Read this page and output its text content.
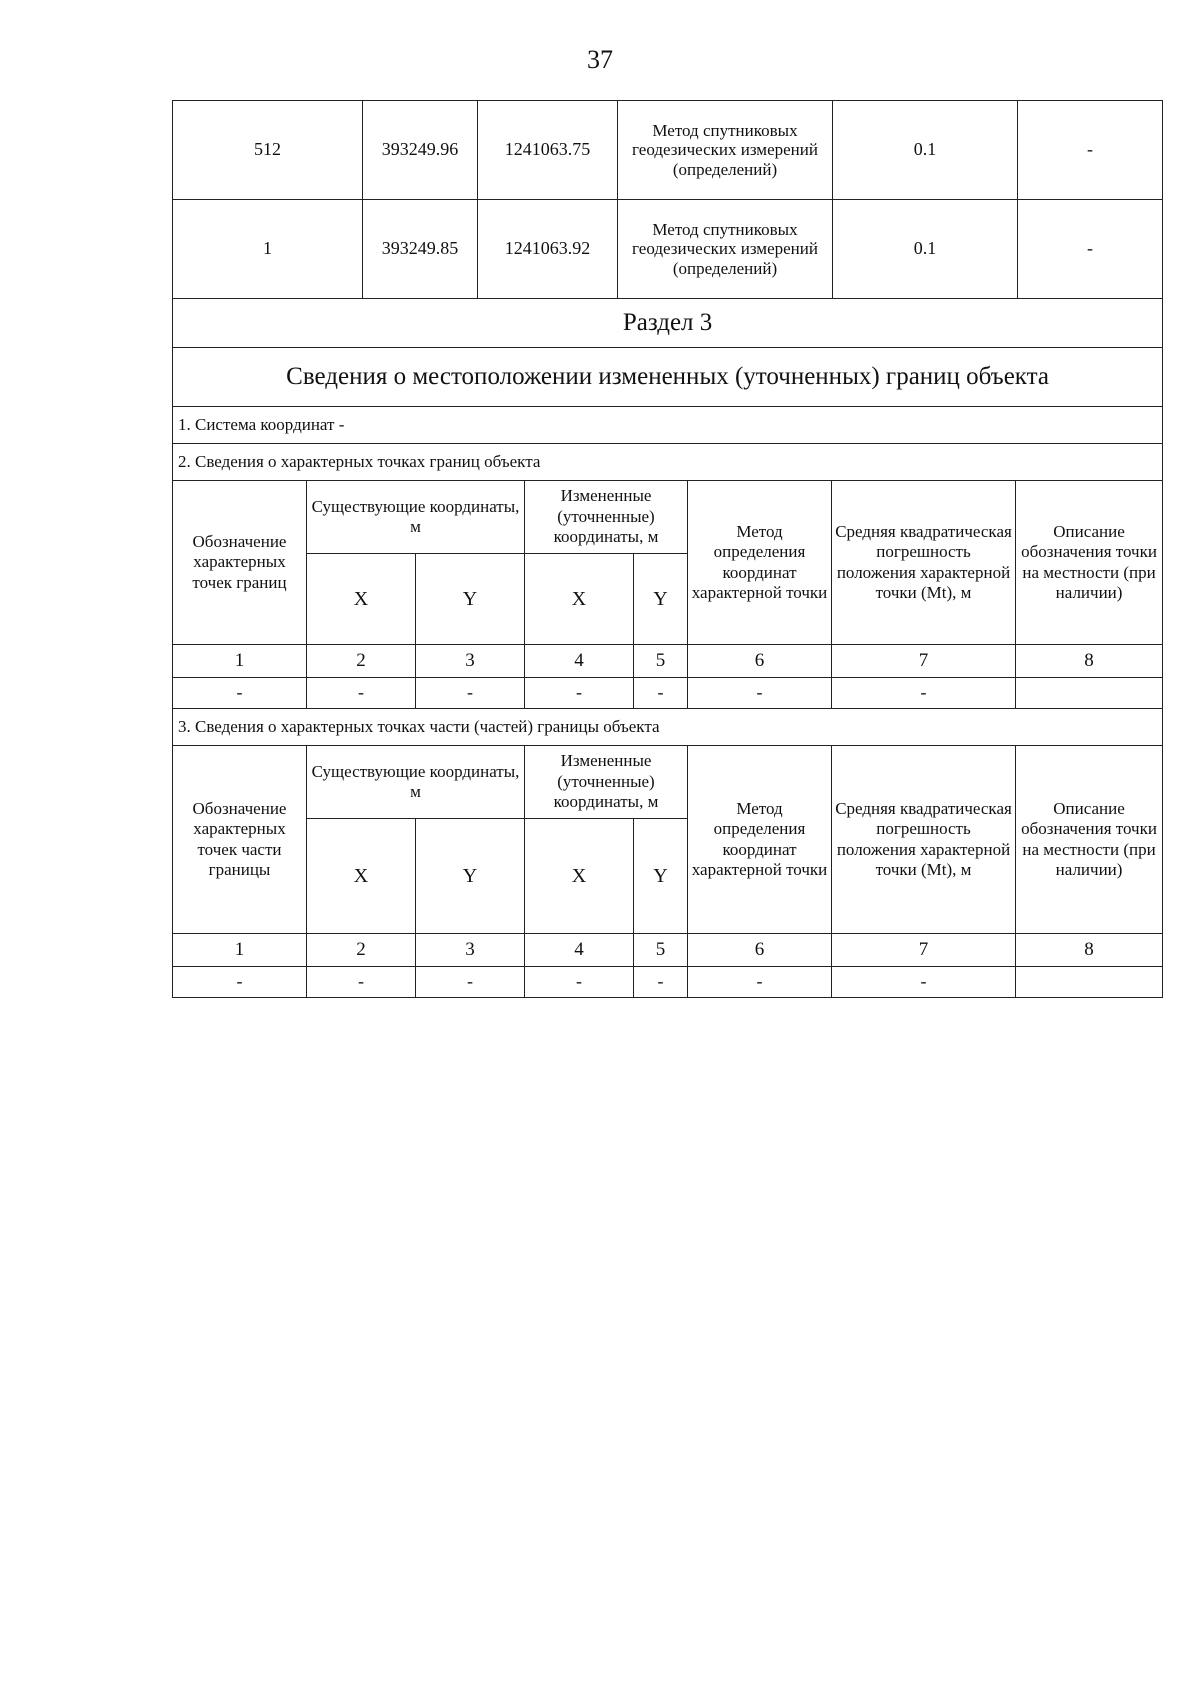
37
512	393249.96	1241063.75	Метод спутниковых геодезических измерений (определений)	0.1	-
1	393249.85	1241063.92	Метод спутниковых геодезических измерений (определений)	0.1	-
Раздел 3							
Сведения о местоположении измененных (уточненных) границ объекта							
1. Система координат -							
2. Сведения о характерных точках границ объекта							
Обозначение характерных точек границ	Существующие координаты, м		Измененные (уточненные) координаты, м		Метод определения координат характерной точки	Средняя квадратическая погрешность положения характерной точки (Mt), м	Описание обозначения точки на местности (при наличии)
	X	Y	X	Y			
1	2	3	4	5	6	7	8
-	-	-	-	-	-	-	
3. Сведения о характерных точках части (частей) границы объекта							
Обозначение характерных точек части границы	Существующие координаты, м		Измененные (уточненные) координаты, м		Метод определения координат характерной точки	Средняя квадратическая погрешность положения характерной точки (Mt), м	Описание обозначения точки на местности (при наличии)
	X	Y	X	Y			
1	2	3	4	5	6	7	8
-	-	-	-	-	-	-	
